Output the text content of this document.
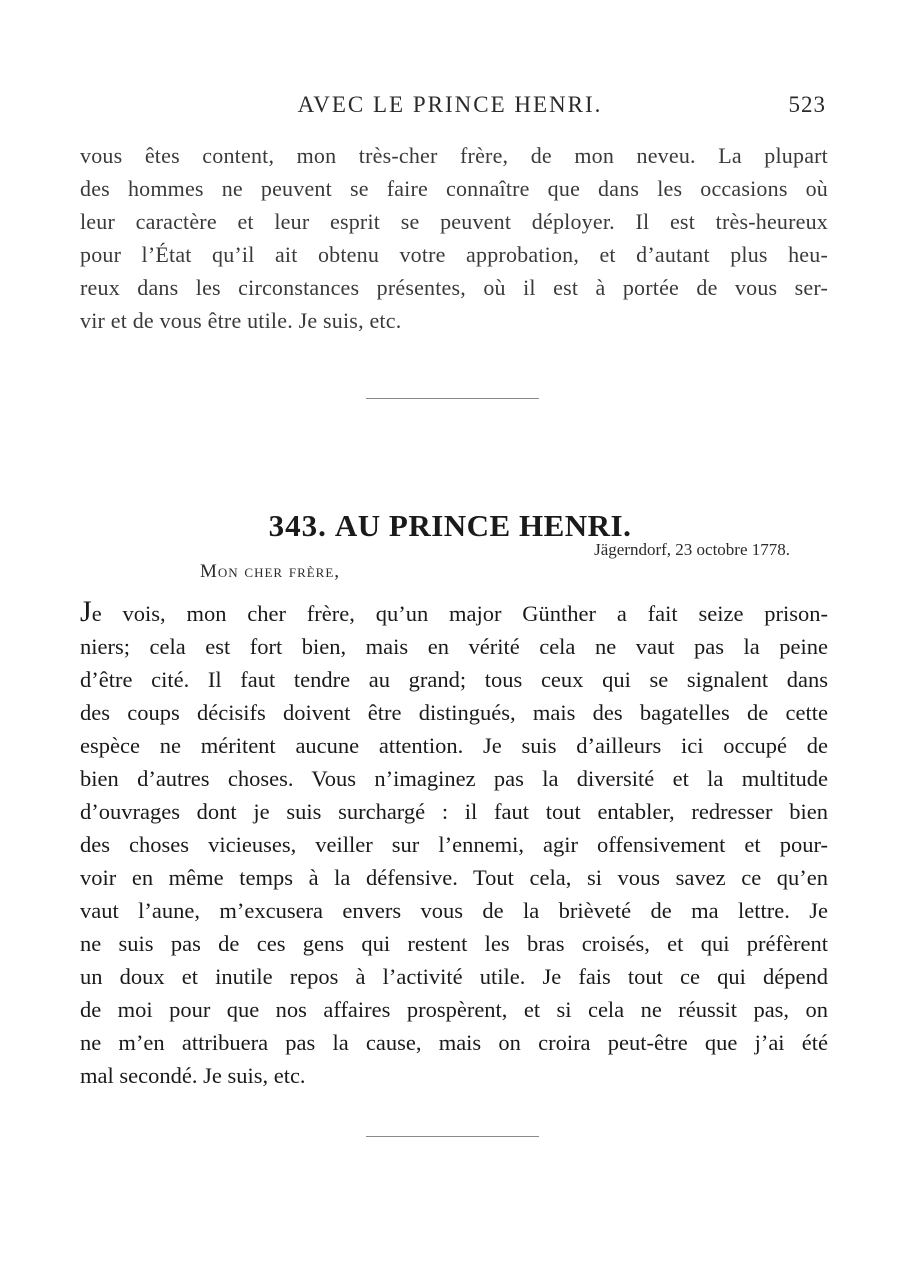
AVEC LE PRINCE HENRI.	523
vous êtes content, mon très-cher frère, de mon neveu. La plupart
des hommes ne peuvent se faire connaître que dans les occasions où
leur caractère et leur esprit se peuvent déployer. Il est très-heureux
pour l’État qu’il ait obtenu votre approbation, et d’autant plus heu-
reux dans les circonstances présentes, où il est à portée de vous ser-
vir et de vous être utile. Je suis, etc.
343. AU PRINCE HENRI.
Jägerndorf, 23 octobre 1778.
Mon cher frère,
Je vois, mon cher frère, qu’un major Günther a fait seize prison-
niers; cela est fort bien, mais en vérité cela ne vaut pas la peine
d’être cité. Il faut tendre au grand; tous ceux qui se signalent dans
des coups décisifs doivent être distingués, mais des bagatelles de cette
espèce ne méritent aucune attention. Je suis d’ailleurs ici occupé de
bien d’autres choses. Vous n’imaginez pas la diversité et la multitude
d’ouvrages dont je suis surchargé : il faut tout entabler, redresser bien
des choses vicieuses, veiller sur l’ennemi, agir offensivement et pour-
voir en même temps à la défensive. Tout cela, si vous savez ce qu’en
vaut l’aune, m’excusera envers vous de la brièveté de ma lettre. Je
ne suis pas de ces gens qui restent les bras croisés, et qui préfèrent
un doux et inutile repos à l’activité utile. Je fais tout ce qui dépend
de moi pour que nos affaires prospèrent, et si cela ne réussit pas, on
ne m’en attribuera pas la cause, mais on croira peut-être que j’ai été
mal secondé. Je suis, etc.
